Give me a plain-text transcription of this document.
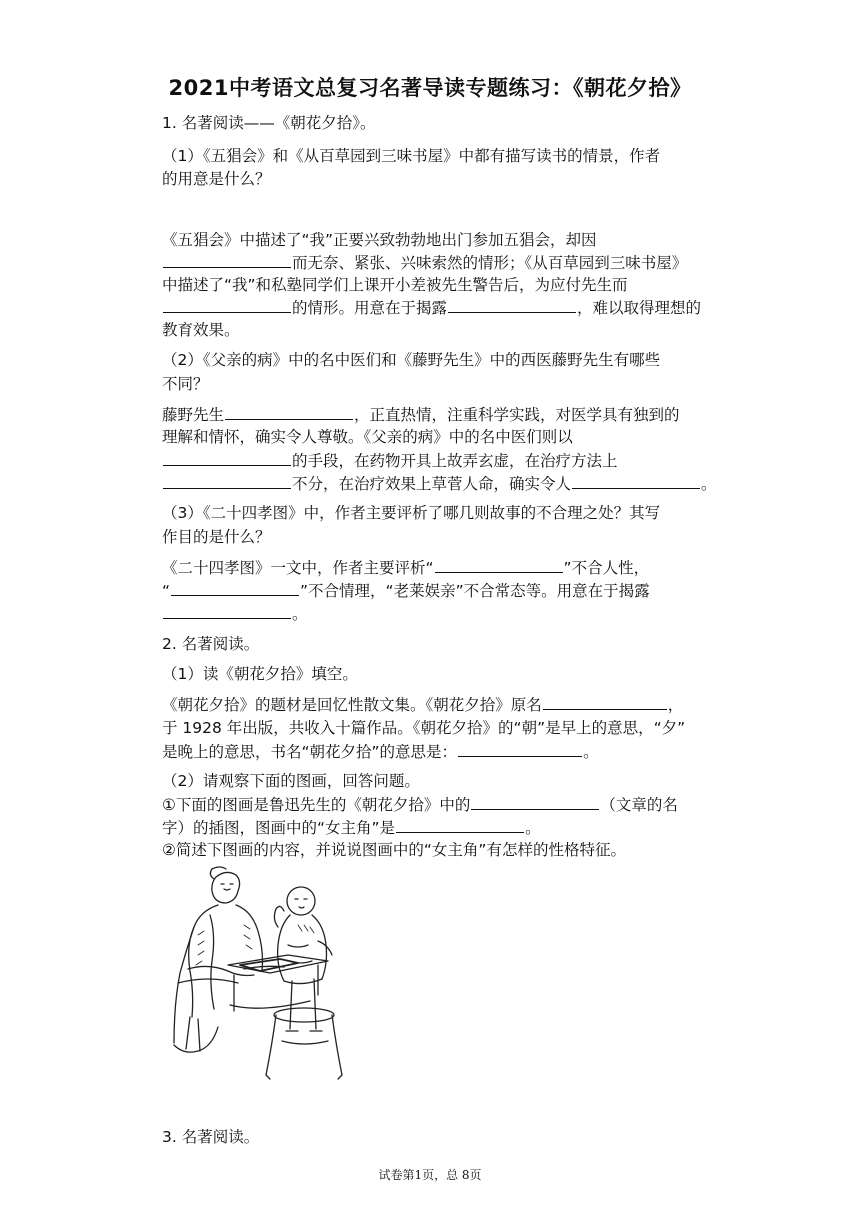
2021中考语文总复习名著导读专题练习：《朝花夕拾》
1. 名著阅读——《朝花夕拾》。
（1）《五猖会》和《从百草园到三味书屋》中都有描写读书的情景，作者
的用意是什么？
《五猖会》中描述了“我”正要兴致勃勃地出门参加五猖会，却因
而无奈、紧张、兴味索然的情形；《从百草园到三味书屋》
中描述了“我”和私塾同学们上课开小差被先生警告后，为应付先生而
的情形。用意在于揭露	，难以取得理想的
教育效果。
（2）《父亲的病》中的名中医们和《藤野先生》中的西医藤野先生有哪些
不同？
藤野先生	，正直热情，注重科学实践，对医学具有独到的
理解和情怀，确实令人尊敬。《父亲的病》中的名中医们则以
的手段，在药物开具上故弄玄虚，在治疗方法上
不分，在治疗效果上草菅人命，确实令人	。
（3）《二十四孝图》中，作者主要评析了哪几则故事的不合理之处？其写
作目的是什么？
《二十四孝图》一文中，作者主要评析“	”不合人性，
“	”不合情理，“老莱娱亲”不合常态等。用意在于揭露
。
2. 名著阅读。
（1）读《朝花夕拾》填空。
《朝花夕拾》的题材是回忆性散文集。《朝花夕拾》原名	，
于 1928 年出版，共收入十篇作品。《朝花夕拾》的“朝”是早上的意思，“夕”
是晚上的意思，书名“朝花夕拾”的意思是：	。
（2）请观察下面的图画，回答问题。
①下面的图画是鲁迅先生的《朝花夕拾》中的	（文章的名
字）的插图，图画中的“女主角”是	。
②简述下图画的内容，并说说图画中的“女主角”有怎样的性格特征。
3. 名著阅读。
试卷第1页，总 8页
